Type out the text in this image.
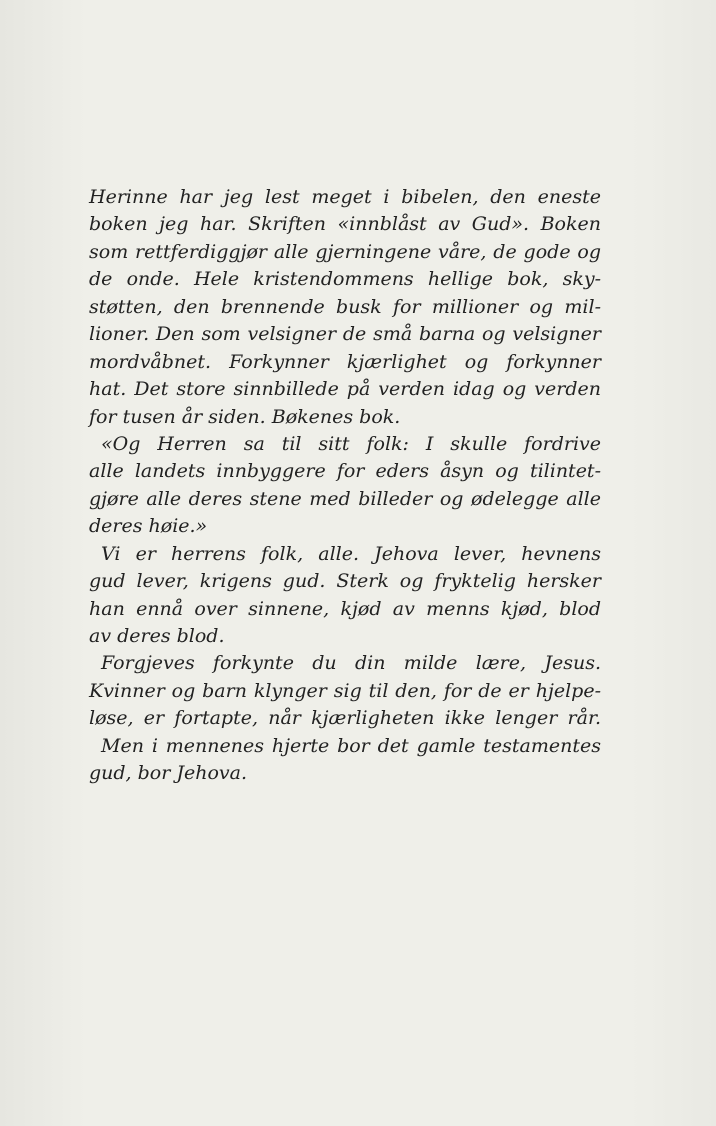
Herinne har jeg lest meget i bibelen, den eneste
boken jeg har. Skriften «innblåst av Gud». Boken
som rettferdiggjør alle gjerningene våre, de gode og
de onde. Hele kristendommens hellige bok, sky-
støtten, den brennende busk for millioner og mil-
lioner. Den som velsigner de små barna og velsigner
mordvåbnet. Forkynner kjærlighet og forkynner
hat. Det store sinnbillede på verden idag og verden
for tusen år siden. Bøkenes bok.
«Og Herren sa til sitt folk: I skulle fordrive
alle landets innbyggere for eders åsyn og tilintet-
gjøre alle deres stene med billeder og ødelegge alle
deres høie.»
Vi er herrens folk, alle. Jehova lever, hevnens
gud lever, krigens gud. Sterk og fryktelig hersker
han ennå over sinnene, kjød av menns kjød, blod
av deres blod.
Forgjeves forkynte du din milde lære, Jesus.
Kvinner og barn klynger sig til den, for de er hjelpe-
løse, er fortapte, når kjærligheten ikke lenger rår.
Men i mennenes hjerte bor det gamle testamentes
gud, bor Jehova.
